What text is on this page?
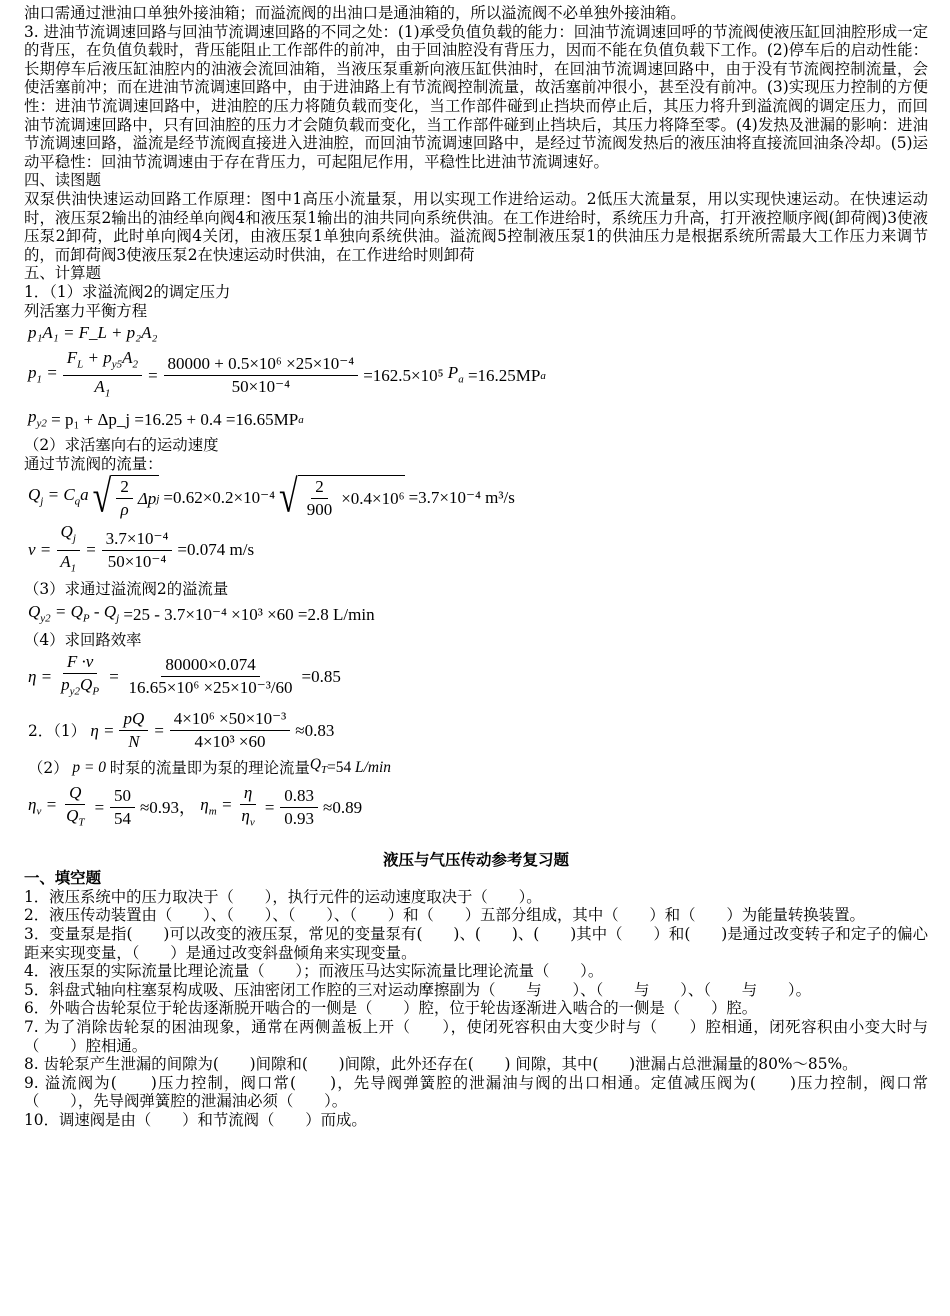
油口需通过泄油口单独外接油箱；而溢流阀的出油口是通油箱的，所以溢流阀不必单独外接油箱。

3. 进油节流调速回路与回油节流调速回路的不同之处：(1)承受负值负载的能力：回油节流调速回呼的节流阀使液压缸回油腔形成一定的背压，在负值负载时，背压能阻止工作部件的前冲，由于回油腔没有背压力，因而不能在负值负载下工作。(2)停车后的启动性能：长期停车后液压缸油腔内的油液会流回油箱，当液压泵重新向液压缸供油时，在回油节流调速回路中，由于没有节流阀控制流量，会使活塞前冲；而在进油节流调速回路中，由于进油路上有节流阀控制流量，故活塞前冲很小，甚至没有前冲。(3)实现压力控制的方便性：进油节流调速回路中，进油腔的压力将随负载而变化，当工作部件碰到止挡块而停止后，其压力将升到溢流阀的调定压力，而回油节流调速回路中，只有回油腔的压力才会随负载而变化，当工作部件碰到止挡块后，其压力将降至零。(4)发热及泄漏的影响：进油节流调速回路，溢流是经节流阀直接进入进油腔，而回油节流调速回路中，是经过节流阀发热后的液压油将直接流回油条冷却。(5)运动平稳性：回油节流调速由于存在背压力，可起阻尼作用，平稳性比进油节流调速好。

四、读图题

双泵供油快速运动回路工作原理：图中1高压小流量泵，用以实现工作进给运动。2低压大流量泵，用以实现快速运动。在快速运动时，液压泵2输出的油经单向阀4和液压泵1输出的油共同向系统供油。在工作进给时，系统压力升高，打开液控顺序阀(卸荷阀)3使液压泵2卸荷，此时单向阀4关闭，由液压泵1单独向系统供油。溢流阀5控制液压泵1的供油压力是根据系统所需最大工作压力来调节的，而卸荷阀3使液压泵2在快速运动时供油，在工作进给时则卸荷

五、计算题

1．（1）求溢流阀2的调定压力

列活塞力平衡方程

p₁A₁ = F_L + p₂A₂
$p_1 = \frac{F_L + p_{y5}A_2}{A_1} = \frac{\text{80000 + 0.5×10⁶ ×25×10⁻⁴}}{\text{50×10⁻⁴}} =162.5\times 10^5$ $P_a =16.25MP$ a
$p_{y2} = p_1$ + Δp_j =16.25 + 0.4 =16.65MP a

（2）求活塞向右的运动速度

通过节流阀的流量：

$Q_j = C_qa$ √ $\frac{2}{\rho}$ Δp j =0.62×0.2×10⁻⁴ √ $\frac{2}{900} \times 0.4\times 10^6 =3.7\times 10^{-4}$ m³/s
$v = \frac{Q_j}{A_1} = \frac{\text{3.7×10⁻⁴}}{\text{50×10⁻⁴}} =0.074$ m/s

（3）求通过溢流阀2的溢流量

$Q_{y2} = Q_P - Q_j =25 - 3.7\times 10^{-4} \times 10^3 \times 60 =2.8$ L/min

（4）求回路效率

$\eta = \frac{F \cdot v}{p_{y2}Q_P} = \frac{80000\times 0.074}{\text{16.65×10⁶ ×25×10⁻³/60}} =0.85$
2．（1） $\eta = \frac{pQ}{N} = \frac{\text{4×10⁶ ×50×10⁻³}}{\text{4×10³ ×60}} \approx 0.83$
（2） p = 0 时泵的流量即为泵的理论流量 $Q_T =54$ L/min
$\eta_v = \frac{Q}{Q_T} = \frac{50}{54} \approx 0.93$ ， $\eta_m = \frac{\eta}{\eta_v} = \frac{0.83}{0.93} \approx 0.89$

液压与气压传动参考复习题

一、填空题

1．液压系统中的压力取决于（　　），执行元件的运动速度取决于（　　）。

2．液压传动装置由（　　）、（　　）、（　　）、（　　）和（　　）五部分组成，其中（　　）和（　　）为能量转换装置。

3．变量泵是指(　　)可以改变的液压泵，常见的变量泵有(　　)、(　　)、(　　)其中（　　）和(　　)是通过改变转子和定子的偏心距来实现变量，（　　）是通过改变斜盘倾角来实现变量。

4．液压泵的实际流量比理论流量（　　）；而液压马达实际流量比理论流量（　　）。

5．斜盘式轴向柱塞泵构成吸、压油密闭工作腔的三对运动摩擦副为（　　与　　）、（　　与　　）、（　　与　　）。

6．外啮合齿轮泵位于轮齿逐渐脱开啮合的一侧是（　　）腔，位于轮齿逐渐进入啮合的一侧是（　　）腔。

7. 为了消除齿轮泵的困油现象，通常在两侧盖板上开（　　），使闭死容积由大变少时与（　　）腔相通，闭死容积由小变大时与（　　）腔相通。

8. 齿轮泵产生泄漏的间隙为(　　)间隙和(　　)间隙，此外还存在(　　) 间隙，其中(　　)泄漏占总泄漏量的80%～85%。

9. 溢流阀为(　　)压力控制，阀口常(　　)，先导阀弹簧腔的泄漏油与阀的出口相通。定值减压阀为(　　)压力控制，阀口常（　　），先导阀弹簧腔的泄漏油必须（　　）。

10．调速阀是由（　　）和节流阀（　　）而成。
